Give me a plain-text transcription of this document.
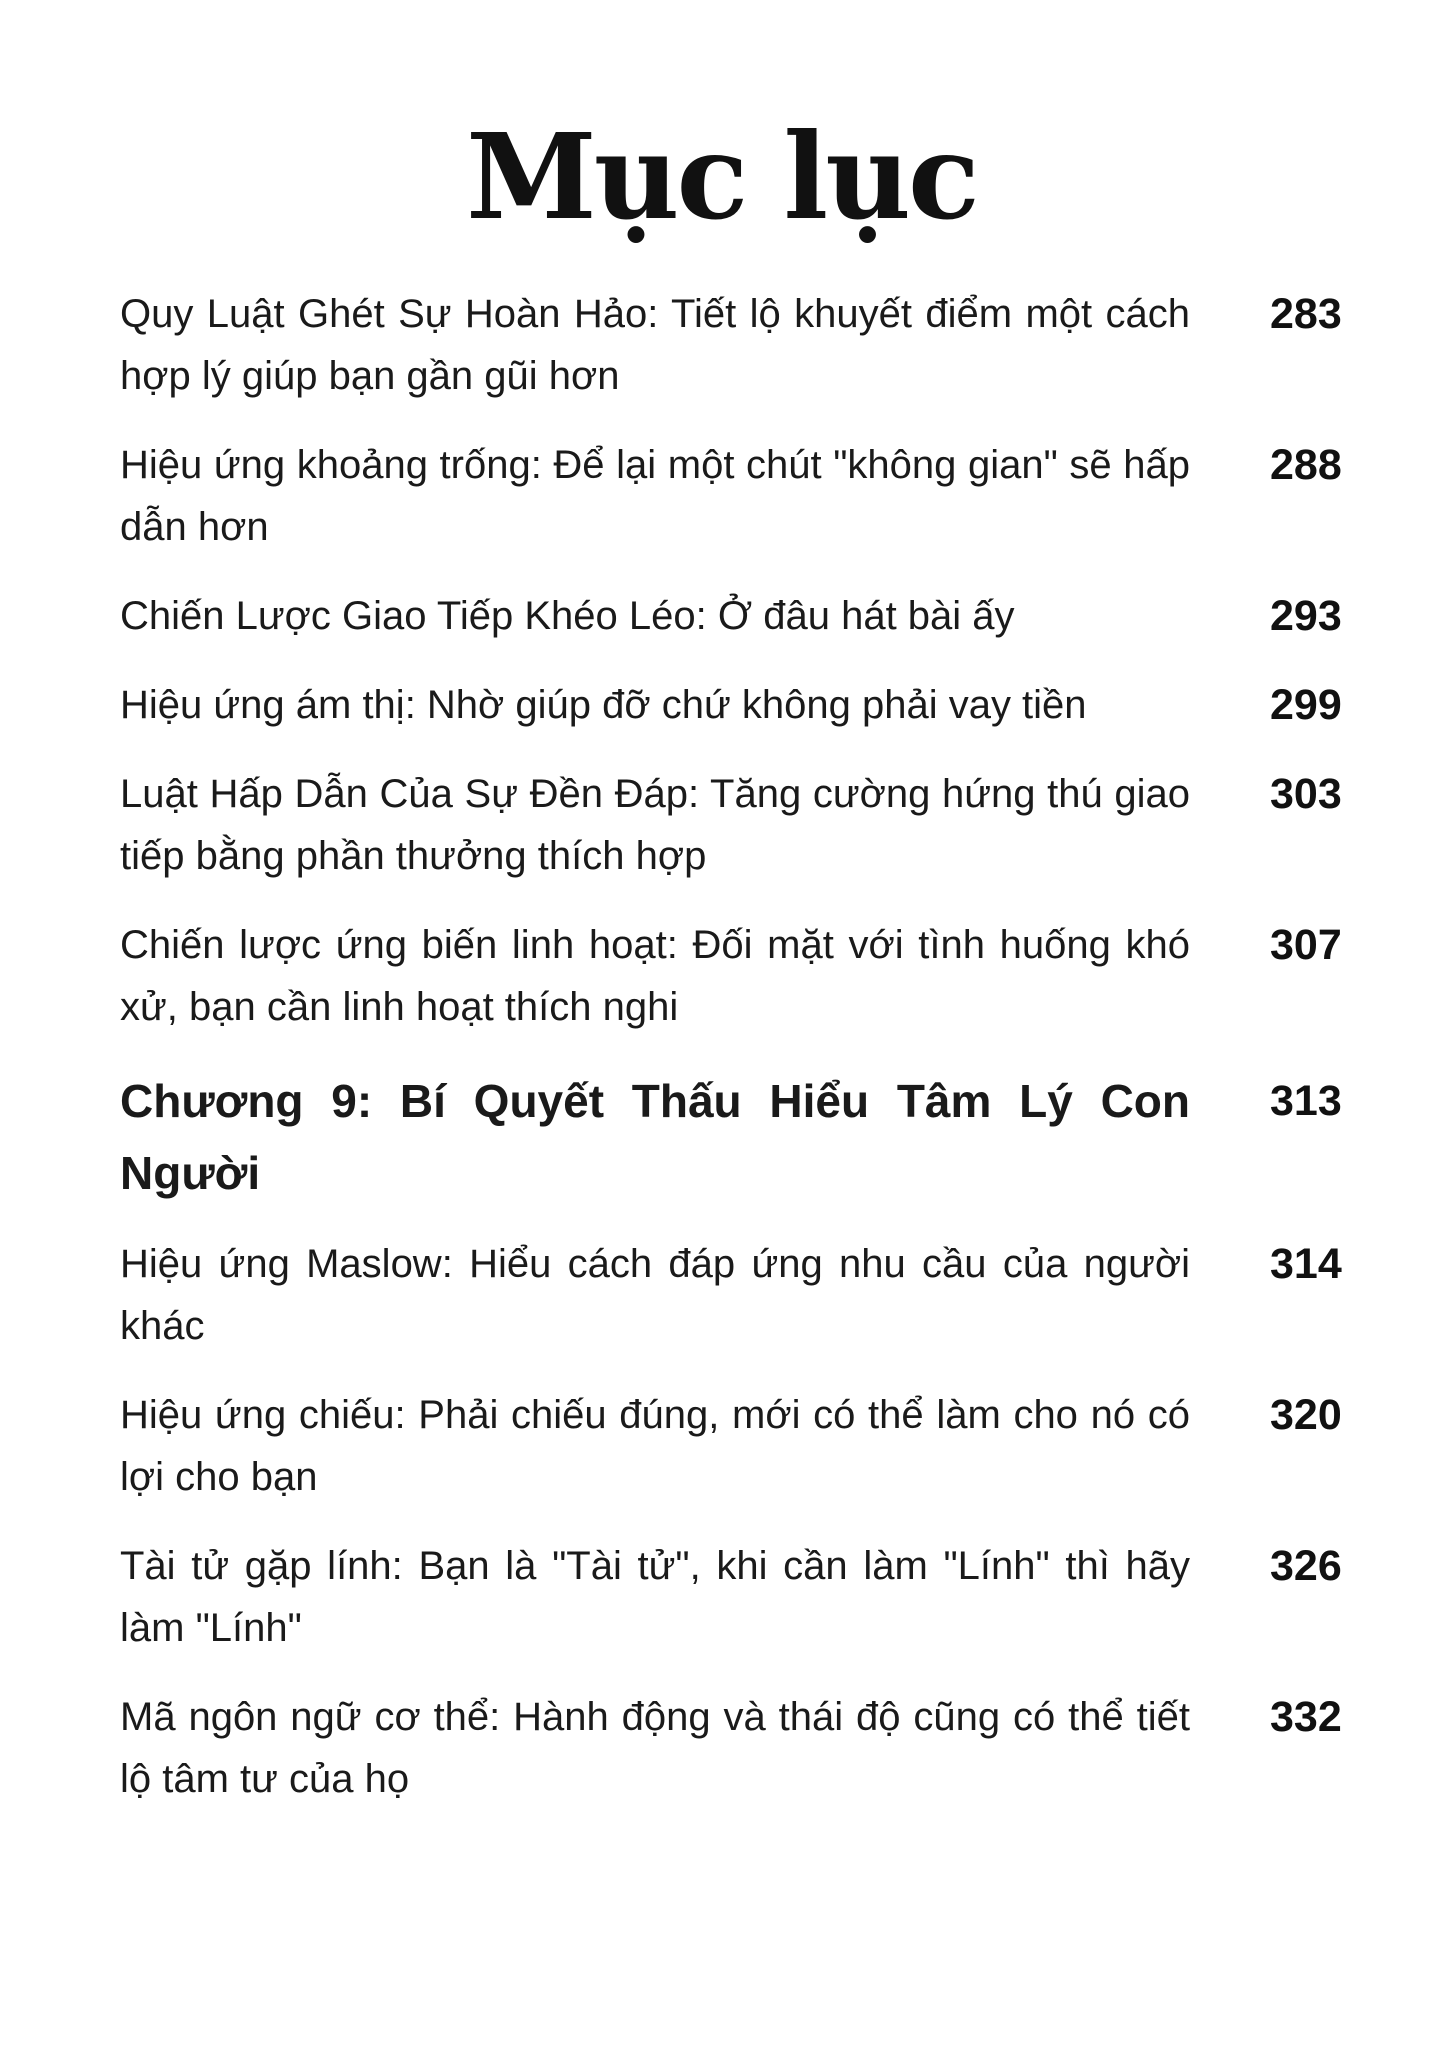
Mục lục
Quy Luật Ghét Sự Hoàn Hảo: Tiết lộ khuyết điểm một cách hợp lý giúp bạn gần gũi hơn
283
Hiệu ứng khoảng trống: Để lại một chút "không gian" sẽ hấp dẫn hơn
288
Chiến Lược Giao Tiếp Khéo Léo: Ở đâu hát bài ấy	293
Hiệu ứng ám thị: Nhờ giúp đỡ chứ không phải vay tiền	299
Luật Hấp Dẫn Của Sự Đền Đáp: Tăng cường hứng thú giao tiếp bằng phần thưởng thích hợp
303
Chiến lược ứng biến linh hoạt: Đối mặt với tình huống khó xử, bạn cần linh hoạt thích nghi
307
Chương 9: Bí Quyết Thấu Hiểu Tâm Lý Con Người
313
Hiệu ứng Maslow: Hiểu cách đáp ứng nhu cầu của người khác
314
Hiệu ứng chiếu: Phải chiếu đúng, mới có thể làm cho nó có lợi cho bạn
320
Tài tử gặp lính: Bạn là "Tài tử", khi cần làm "Lính" thì hãy làm "Lính"
326
Mã ngôn ngữ cơ thể: Hành động và thái độ cũng có thể tiết lộ tâm tư của họ
332
